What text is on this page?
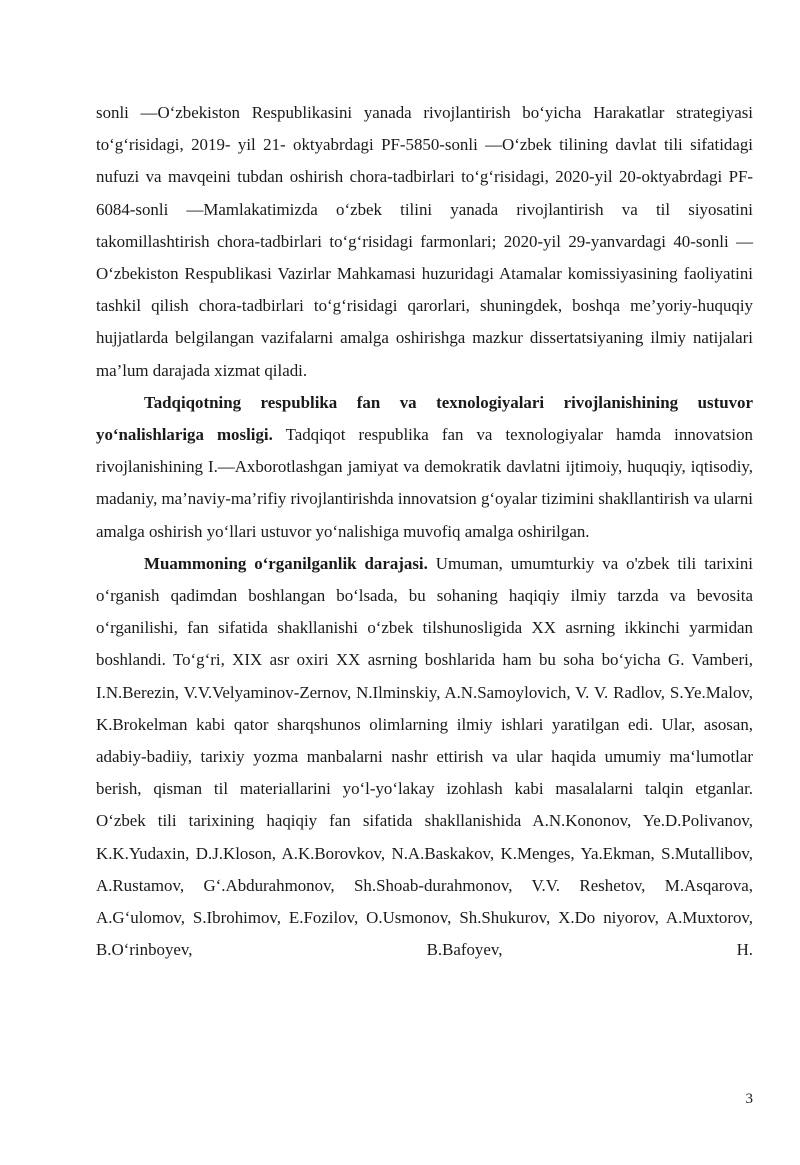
sonli —O‘zbekiston Respublikasini yanada rivojlantirish bo‘yicha Harakatlar strategiyasi to‘g‘risidagi, 2019- yil 21- oktyabrdagi PF-5850-sonli —O‘zbek tilining davlat tili sifatidagi nufuzi va mavqeini tubdan oshirish chora-tadbirlari to‘g‘risidagi, 2020-yil 20-oktyabrdagi PF-6084-sonli —Mamlakatimizda o‘zbek tilini yanada rivojlantirish va til siyosatini takomillashtirish chora-tadbirlari to‘g‘risidagi farmonlari; 2020-yil 29-yanvardagi 40-sonli —O‘zbekiston Respublikasi Vazirlar Mahkamasi huzuridagi Atamalar komissiyasining faoliyatini tashkil qilish chora-tadbirlari to‘g‘risidagi qarorlari, shuningdek, boshqa me’yoriy-huquqiy hujjatlarda belgilangan vazifalarni amalga oshirishga mazkur dissertatsiyaning ilmiy natijalari ma’lum darajada xizmat qiladi.

Tadqiqotning respublika fan va texnologiyalari rivojlanishining ustuvor yo‘nalishlariga mosligi. Tadqiqot respublika fan va texnologiyalar hamda innovatsion rivojlanishining I.—Axborotlashgan jamiyat va demokratik davlatni ijtimoiy, huquqiy, iqtisodiy, madaniy, ma’naviy-ma’rifiy rivojlantirishda innovatsion g‘oyalar tizimini shakllantirish va ularni amalga oshirish yo‘llari ustuvor yo‘nalishiga muvofiq amalga oshirilgan.

Muammoning o‘rganilganlik darajasi. Umuman, umumturkiy va o'zbek tili tarixini o‘rganish qadimdan boshlangan bo‘lsada, bu sohaning haqiqiy ilmiy tarzda va bevosita o‘rganilishi, fan sifatida shakllanishi o‘zbek tilshunosligida XX asrning ikkinchi yarmidan boshlandi. To‘g‘ri, XIX asr oxiri XX asrning boshlarida ham bu soha bo‘yicha G. Vamberi, I.N.Berezin, V.V.Velyaminov-Zernov, N.Ilminskiy, A.N.Samoylovich, V. V. Radlov, S.Ye.Malov, K.Brokelman kabi qator sharqshunos olimlarning ilmiy ishlari yaratilgan edi. Ular, asosan, adabiy-badiiy, tarixiy yozma manbalarni nashr ettirish va ular haqida umumiy ma‘lumotlar berish, qisman til materiallarini yo‘l-yo‘lakay izohlash kabi masalalarni talqin etganlar.

O‘zbek tili tarixining haqiqiy fan sifatida shakllanishida A.N.Kononov, Ye.D.Polivanov, K.K.Yudaxin, D.J.Kloson, A.K.Borovkov, N.A.Baskakov, K.Menges, Ya.Ekman, S.Mutallibov, A.Rustamov, G‘.Abdurahmonov, Sh.Shoab-durahmonov, V.V. Reshetov, M.Asqarova, A.G‘ulomov, S.Ibrohimov, E.Fozilov, O.Usmonov, Sh.Shukurov, X.Do niyorov, A.Muxtorov, B.O‘rinboyev, B.Bafoyev, H.

3
